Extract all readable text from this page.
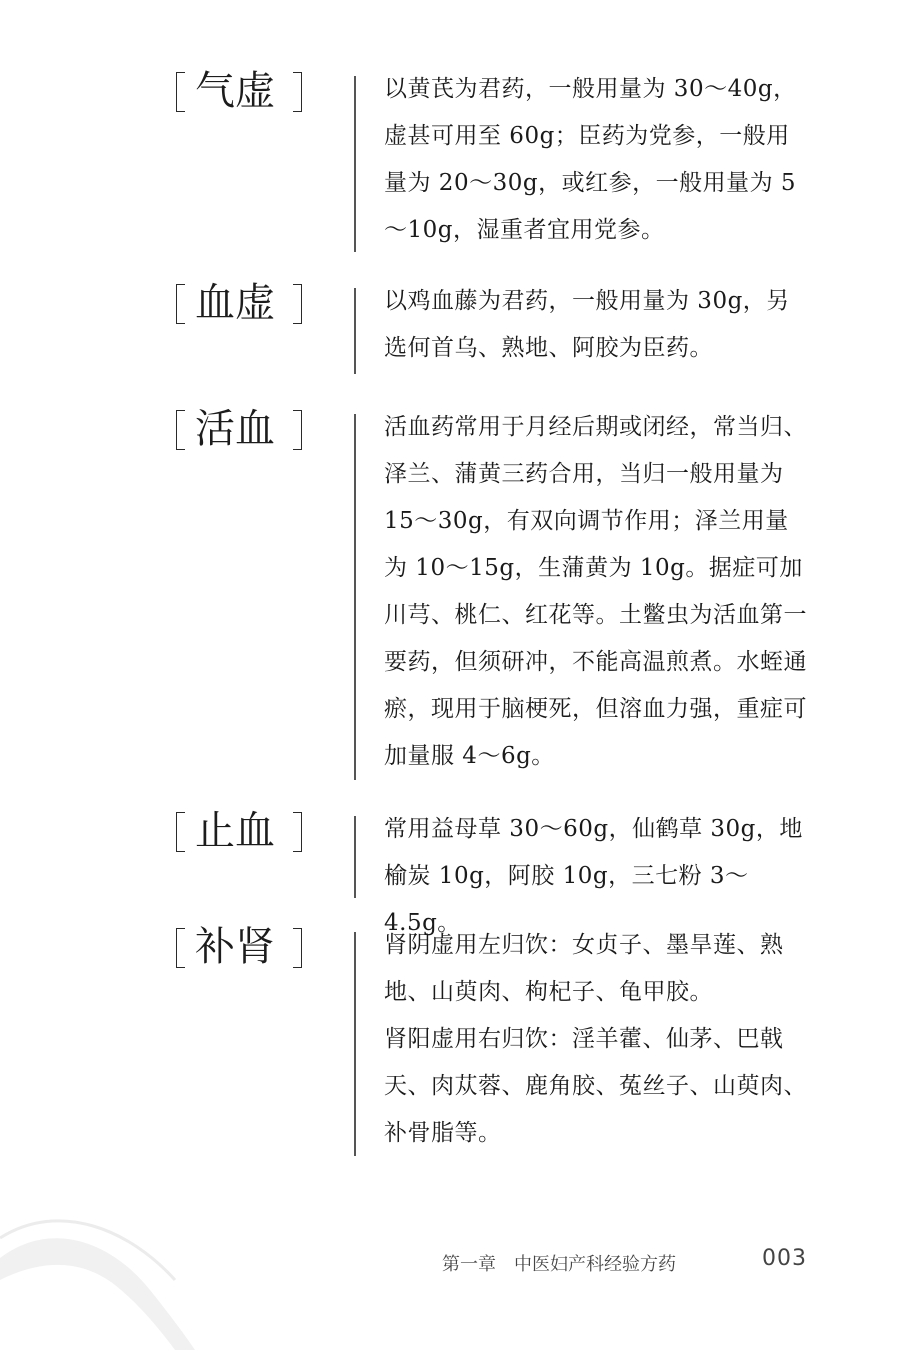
气虚	以黄芪为君药，一般用量为 30～40g，虚甚可用至 60g；臣药为党参，一般用量为 20～30g，或红参，一般用量为 5～10g，湿重者宜用党参。

血虚	以鸡血藤为君药，一般用量为 30g，另选何首乌、熟地、阿胶为臣药。

活血	活血药常用于月经后期或闭经，常当归、泽兰、蒲黄三药合用，当归一般用量为 15～30g，有双向调节作用；泽兰用量为 10～15g，生蒲黄为 10g。据症可加川芎、桃仁、红花等。土鳖虫为活血第一要药，但须研冲，不能高温煎煮。水蛭通瘀，现用于脑梗死，但溶血力强，重症可加量服 4～6g。

止血	常用益母草 30～60g，仙鹤草 30g，地榆炭 10g，阿胶 10g，三七粉 3～4.5g。

补肾	肾阴虚用左归饮：女贞子、墨旱莲、熟地、山萸肉、枸杞子、龟甲胶。

肾阳虚用右归饮：淫羊藿、仙茅、巴戟天、肉苁蓉、鹿角胶、菟丝子、山萸肉、补骨脂等。

第一章　中医妇产科经验方药	003
